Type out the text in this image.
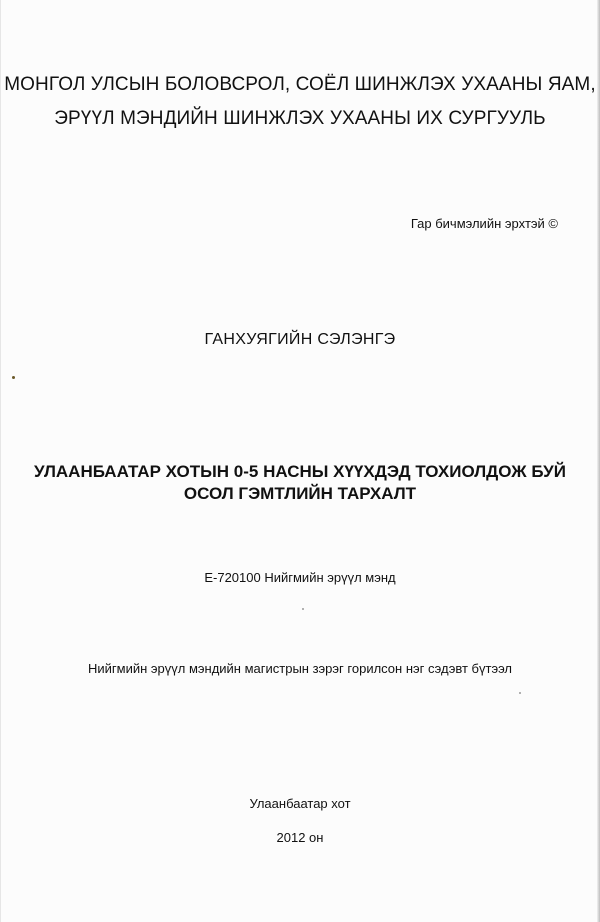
МОНГОЛ УЛСЫН БОЛОВСРОЛ, СОЁЛ ШИНЖЛЭХ УХААНЫ ЯАМ,
ЭРҮҮЛ МЭНДИЙН ШИНЖЛЭХ УХААНЫ ИХ СУРГУУЛЬ
Гар бичмэлийн эрхтэй ©
ГАНХУЯГИЙН СЭЛЭНГЭ
УЛААНБААТАР ХОТЫН 0-5 НАСНЫ ХҮҮХДЭД ТОХИОЛДОЖ БУЙ
ОСОЛ ГЭМТЛИЙН ТАРХАЛТ
Е-720100 Нийгмийн эрүүл мэнд
Нийгмийн эрүүл мэндийн магистрын зэрэг горилсон нэг сэдэвт бүтээл
Улаанбаатар хот
2012 он
